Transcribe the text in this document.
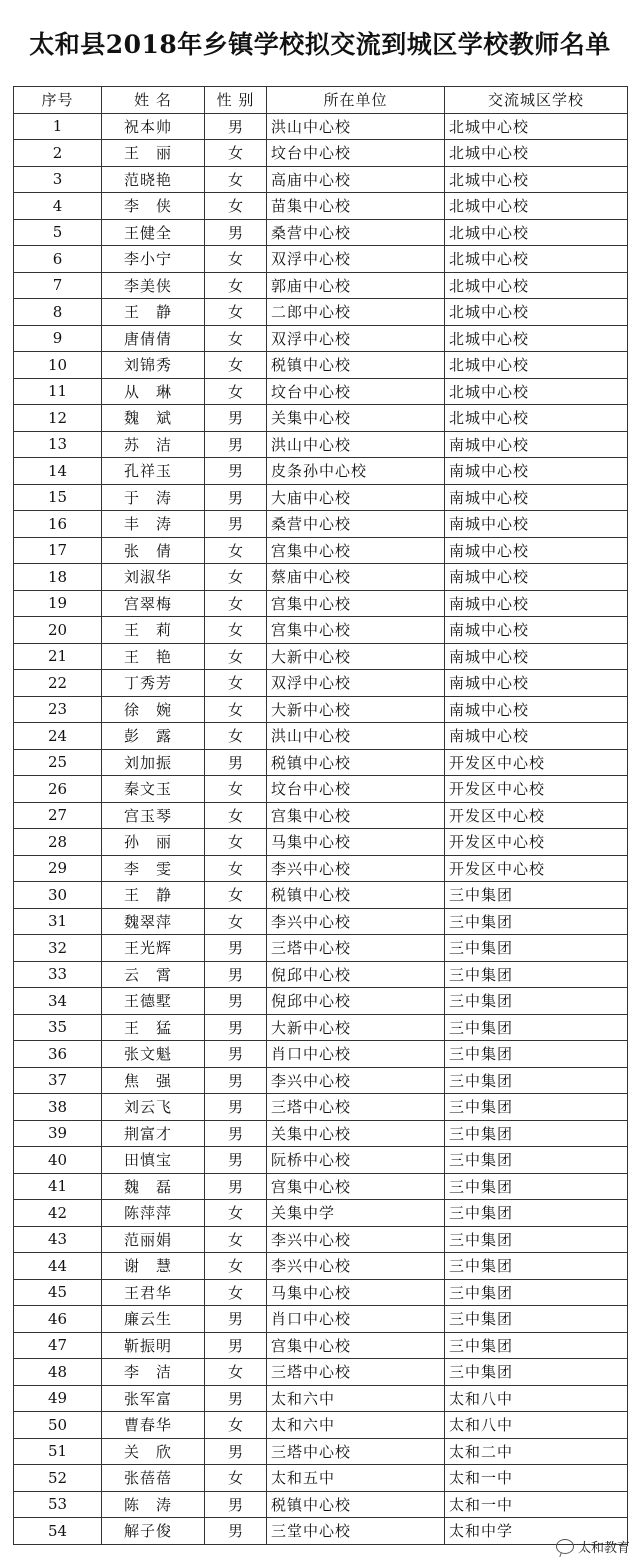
太和县2018年乡镇学校拟交流到城区学校教师名单
序号	姓 名	性 别	所在单位	交流城区学校
1	祝本帅	男	洪山中心校	北城中心校
2	王　丽	女	坟台中心校	北城中心校
3	范晓艳	女	高庙中心校	北城中心校
4	李　侠	女	苗集中心校	北城中心校
5	王健全	男	桑营中心校	北城中心校
6	李小宁	女	双浮中心校	北城中心校
7	李美侠	女	郭庙中心校	北城中心校
8	王　静	女	二郎中心校	北城中心校
9	唐倩倩	女	双浮中心校	北城中心校
10	刘锦秀	女	税镇中心校	北城中心校
11	从　琳	女	坟台中心校	北城中心校
12	魏　斌	男	关集中心校	北城中心校
13	苏　洁	男	洪山中心校	南城中心校
14	孔祥玉	男	皮条孙中心校	南城中心校
15	于　涛	男	大庙中心校	南城中心校
16	丰　涛	男	桑营中心校	南城中心校
17	张　倩	女	宫集中心校	南城中心校
18	刘淑华	女	蔡庙中心校	南城中心校
19	宫翠梅	女	宫集中心校	南城中心校
20	王　莉	女	宫集中心校	南城中心校
21	王　艳	女	大新中心校	南城中心校
22	丁秀芳	女	双浮中心校	南城中心校
23	徐　婉	女	大新中心校	南城中心校
24	彭　露	女	洪山中心校	南城中心校
25	刘加振	男	税镇中心校	开发区中心校
26	秦文玉	女	坟台中心校	开发区中心校
27	宫玉琴	女	宫集中心校	开发区中心校
28	孙　丽	女	马集中心校	开发区中心校
29	李　雯	女	李兴中心校	开发区中心校
30	王　静	女	税镇中心校	三中集团
31	魏翠萍	女	李兴中心校	三中集团
32	王光辉	男	三塔中心校	三中集团
33	云　霄	男	倪邱中心校	三中集团
34	王德墅	男	倪邱中心校	三中集团
35	王　猛	男	大新中心校	三中集团
36	张文魁	男	肖口中心校	三中集团
37	焦　强	男	李兴中心校	三中集团
38	刘云飞	男	三塔中心校	三中集团
39	荆富才	男	关集中心校	三中集团
40	田慎宝	男	阮桥中心校	三中集团
41	魏　磊	男	宫集中心校	三中集团
42	陈萍萍	女	关集中学	三中集团
43	范丽娟	女	李兴中心校	三中集团
44	谢　慧	女	李兴中心校	三中集团
45	王君华	女	马集中心校	三中集团
46	廉云生	男	肖口中心校	三中集团
47	靳振明	男	宫集中心校	三中集团
48	李　洁	女	三塔中心校	三中集团
49	张军富	男	太和六中	太和八中
50	曹春华	女	太和六中	太和八中
51	关　欣	男	三塔中心校	太和二中
52	张蓓蓓	女	太和五中	太和一中
53	陈　涛	男	税镇中心校	太和一中
54	解子俊	男	三堂中心校	太和中学
太和教育
